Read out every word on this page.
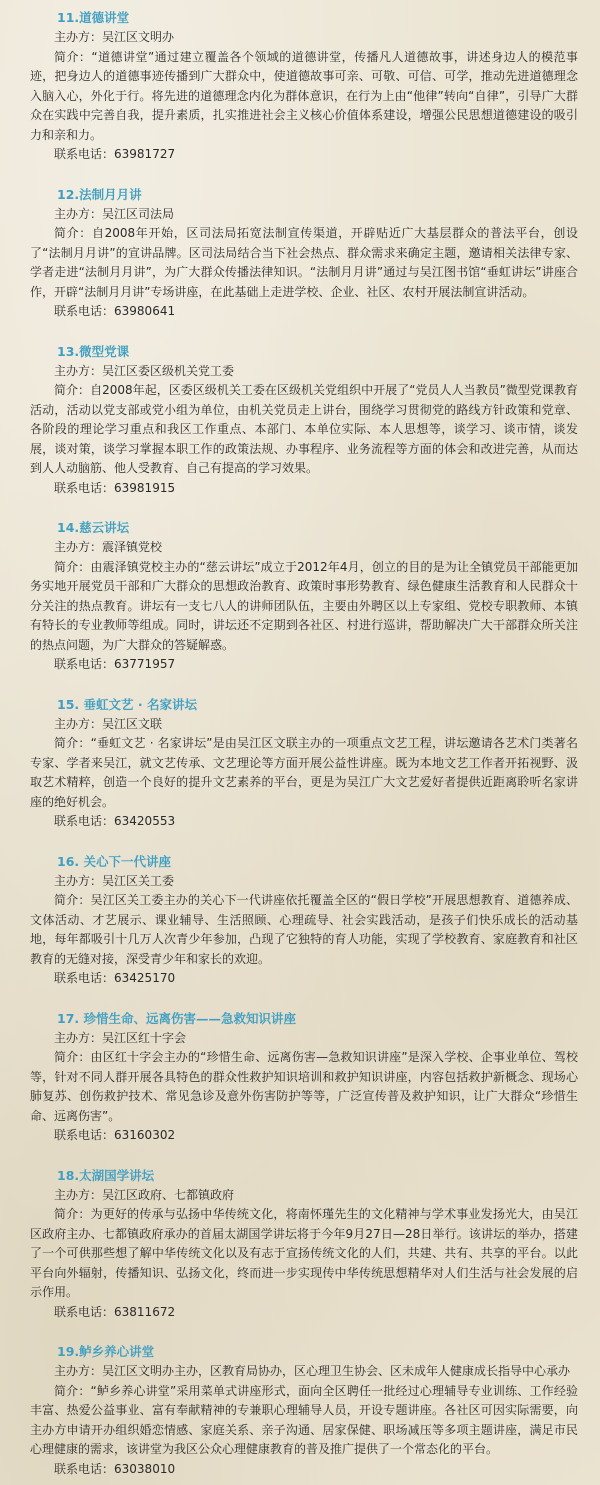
11.道德讲堂

主办方：吴江区文明办

简介：“道德讲堂”通过建立覆盖各个领域的道德讲堂，传播凡人道德故事，讲述身边人的模范事迹，把身边人的道德事迹传播到广大群众中，使道德故事可亲、可敬、可信、可学，推动先进道德理念入脑入心，外化于行。将先进的道德理念内化为群体意识，在行为上由“他律”转向“自律”，引导广大群众在实践中完善自我，提升素质，扎实推进社会主义核心价值体系建设，增强公民思想道德建设的吸引力和亲和力。

联系电话：63981727

12.法制月月讲

主办方：吴江区司法局

简介：自2008年开始，区司法局拓宽法制宣传渠道，开辟贴近广大基层群众的普法平台，创设了“法制月月讲”的宣讲品牌。区司法局结合当下社会热点、群众需求来确定主题，邀请相关法律专家、学者走进“法制月月讲”，为广大群众传播法律知识。“法制月月讲”通过与吴江图书馆“垂虹讲坛”讲座合作，开辟“法制月月讲”专场讲座，在此基础上走进学校、企业、社区、农村开展法制宣讲活动。

联系电话：63980641

13.微型党课

主办方：吴江区委区级机关党工委

简介：自2008年起，区委区级机关工委在区级机关党组织中开展了“党员人人当教员”微型党课教育活动，活动以党支部或党小组为单位，由机关党员走上讲台，围绕学习贯彻党的路线方针政策和党章、各阶段的理论学习重点和我区工作重点、本部门、本单位实际、本人思想等，谈学习、谈市情，谈发展，谈对策，谈学习掌握本职工作的政策法规、办事程序、业务流程等方面的体会和改进完善，从而达到人人动脑筋、他人受教育、自己有提高的学习效果。

联系电话：63981915

14.慈云讲坛

主办方：震泽镇党校

简介：由震泽镇党校主办的“慈云讲坛”成立于2012年4月，创立的目的是为让全镇党员干部能更加务实地开展党员干部和广大群众的思想政治教育、政策时事形势教育、绿色健康生活教育和人民群众十分关注的热点教育。讲坛有一支七八人的讲师团队伍，主要由外聘区以上专家组、党校专职教师、本镇有特长的专业教师等组成。同时，讲坛还不定期到各社区、村进行巡讲，帮助解决广大干部群众所关注的热点问题，为广大群众的答疑解惑。

联系电话：63771957

15. 垂虹文艺 · 名家讲坛

主办方：吴江区文联

简介：“垂虹文艺 · 名家讲坛”是由吴江区文联主办的一项重点文艺工程，讲坛邀请各艺术门类著名专家、学者来吴江，就文艺传承、文艺理论等方面开展公益性讲座。既为本地文艺工作者开拓视野、汲取艺术精粹，创造一个良好的提升文艺素养的平台，更是为吴江广大文艺爱好者提供近距离聆听名家讲座的绝好机会。

联系电话：63420553

16. 关心下一代讲座

主办方：吴江区关工委

简介：吴江区关工委主办的关心下一代讲座依托覆盖全区的“假日学校”开展思想教育、道德养成、文体活动、才艺展示、课业辅导、生活照顾、心理疏导、社会实践活动，是孩子们快乐成长的活动基地，每年都吸引十几万人次青少年参加，凸现了它独特的育人功能，实现了学校教育、家庭教育和社区教育的无缝对接，深受青少年和家长的欢迎。

联系电话：63425170

17. 珍惜生命、远离伤害——急救知识讲座

主办方：吴江区红十字会

简介：由区红十字会主办的“珍惜生命、远离伤害—急救知识讲座”是深入学校、企事业单位、驾校等，针对不同人群开展各具特色的群众性救护知识培训和救护知识讲座，内容包括救护新概念、现场心肺复苏、创伤救护技术、常见急诊及意外伤害防护等等，广泛宣传普及救护知识，让广大群众“珍惜生命、远离伤害”。

联系电话：63160302

18.太湖国学讲坛

主办方：吴江区政府、七都镇政府

简介：为更好的传承与弘扬中华传统文化，将南怀瑾先生的文化精神与学术事业发扬光大，由吴江区政府主办、七都镇政府承办的首届太湖国学讲坛将于今年9月27日—28日举行。该讲坛的举办，搭建了一个可供那些想了解中华传统文化以及有志于宣扬传统文化的人们，共建、共有、共享的平台。以此平台向外辐射，传播知识、弘扬文化，终而进一步实现传中华传统思想精华对人们生活与社会发展的启示作用。

联系电话：63811672

19.鲈乡养心讲堂

主办方：吴江区文明办主办，区教育局协办，区心理卫生协会、区未成年人健康成长指导中心承办

简介：“鲈乡养心讲堂”采用菜单式讲座形式，面向全区聘任一批经过心理辅导专业训练、工作经验丰富、热爱公益事业、富有奉献精神的专兼职心理辅导人员，开设专题讲座。各社区可因实际需要，向主办方申请开办组织婚恋情感、家庭关系、亲子沟通、居家保健、职场减压等多项主题讲座，满足市民心理健康的需求，该讲堂为我区公众心理健康教育的普及推广提供了一个常态化的平台。

联系电话：63038010
